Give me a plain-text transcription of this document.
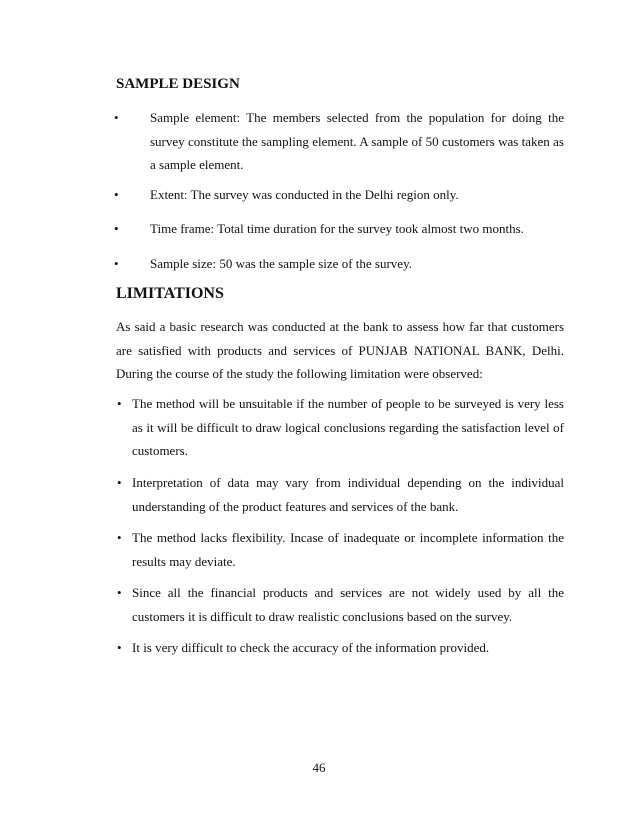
SAMPLE DESIGN
• Sample element: The members selected from the population for doing the survey constitute the sampling element. A sample of 50 customers was taken as a sample element.
• Extent: The survey was conducted in the Delhi region only.
• Time frame: Total time duration for the survey took almost two months.
• Sample size: 50 was the sample size of the survey.
LIMITATIONS

As said a basic research was conducted at the bank to assess how far that customers are satisfied with products and services of PUNJAB NATIONAL BANK, Delhi. During the course of the study the following limitation were observed:

• The method will be unsuitable if the number of people to be surveyed is very less as it will be difficult to draw logical conclusions regarding the satisfaction level of customers.
• Interpretation of data may vary from individual depending on the individual understanding of the product features and services of the bank.
• The method lacks flexibility. Incase of inadequate or incomplete information the results may deviate.
• Since all the financial products and services are not widely used by all the customers it is difficult to draw realistic conclusions based on the survey.
• It is very difficult to check the accuracy of the information provided.
46
